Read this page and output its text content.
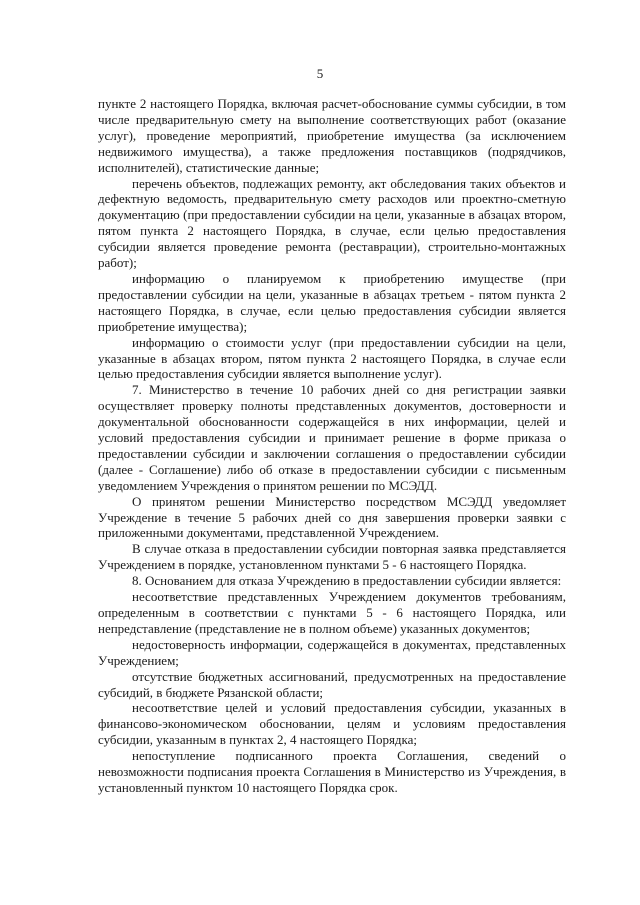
5

пункте 2 настоящего Порядка, включая расчет-обоснование суммы субсидии, в том числе предварительную смету на выполнение соответствующих работ (оказание услуг), проведение мероприятий, приобретение имущества (за исключением недвижимого имущества), а также предложения поставщиков (подрядчиков, исполнителей), статистические данные;

перечень объектов, подлежащих ремонту, акт обследования таких объектов и дефектную ведомость, предварительную смету расходов или проектно-сметную документацию (при предоставлении субсидии на цели, указанные в абзацах втором, пятом пункта 2 настоящего Порядка, в случае, если целью предоставления субсидии является проведение ремонта (реставрации), строительно-монтажных работ);

информацию о планируемом к приобретению имуществе (при предоставлении субсидии на цели, указанные в абзацах третьем - пятом пункта 2 настоящего Порядка, в случае, если целью предоставления субсидии является приобретение имущества);

информацию о стоимости услуг (при предоставлении субсидии на цели, указанные в абзацах втором, пятом пункта 2 настоящего Порядка, в случае если целью предоставления субсидии является выполнение услуг).

7. Министерство в течение 10 рабочих дней со дня регистрации заявки осуществляет проверку полноты представленных документов, достоверности и документальной обоснованности содержащейся в них информации, целей и условий предоставления субсидии и принимает решение в форме приказа о предоставлении субсидии и заключении соглашения о предоставлении субсидии (далее - Соглашение) либо об отказе в предоставлении субсидии с письменным уведомлением Учреждения о принятом решении по МСЭДД.

О принятом решении Министерство посредством МСЭДД уведомляет Учреждение в течение 5 рабочих дней со дня завершения проверки заявки с приложенными документами, представленной Учреждением.

В случае отказа в предоставлении субсидии повторная заявка представляется Учреждением в порядке, установленном пунктами 5 - 6 настоящего Порядка.

8. Основанием для отказа Учреждению в предоставлении субсидии является:

несоответствие представленных Учреждением документов требованиям, определенным в соответствии с пунктами 5 - 6 настоящего Порядка, или непредставление (представление не в полном объеме) указанных документов;

недостоверность информации, содержащейся в документах, представленных Учреждением;

отсутствие бюджетных ассигнований, предусмотренных на предоставление субсидий, в бюджете Рязанской области;

несоответствие целей и условий предоставления субсидии, указанных в финансово-экономическом обосновании, целям и условиям предоставления субсидии, указанным в пунктах 2, 4 настоящего Порядка;

непоступление подписанного проекта Соглашения, сведений о невозможности подписания проекта Соглашения в Министерство из Учреждения, в установленный пунктом 10 настоящего Порядка срок.
